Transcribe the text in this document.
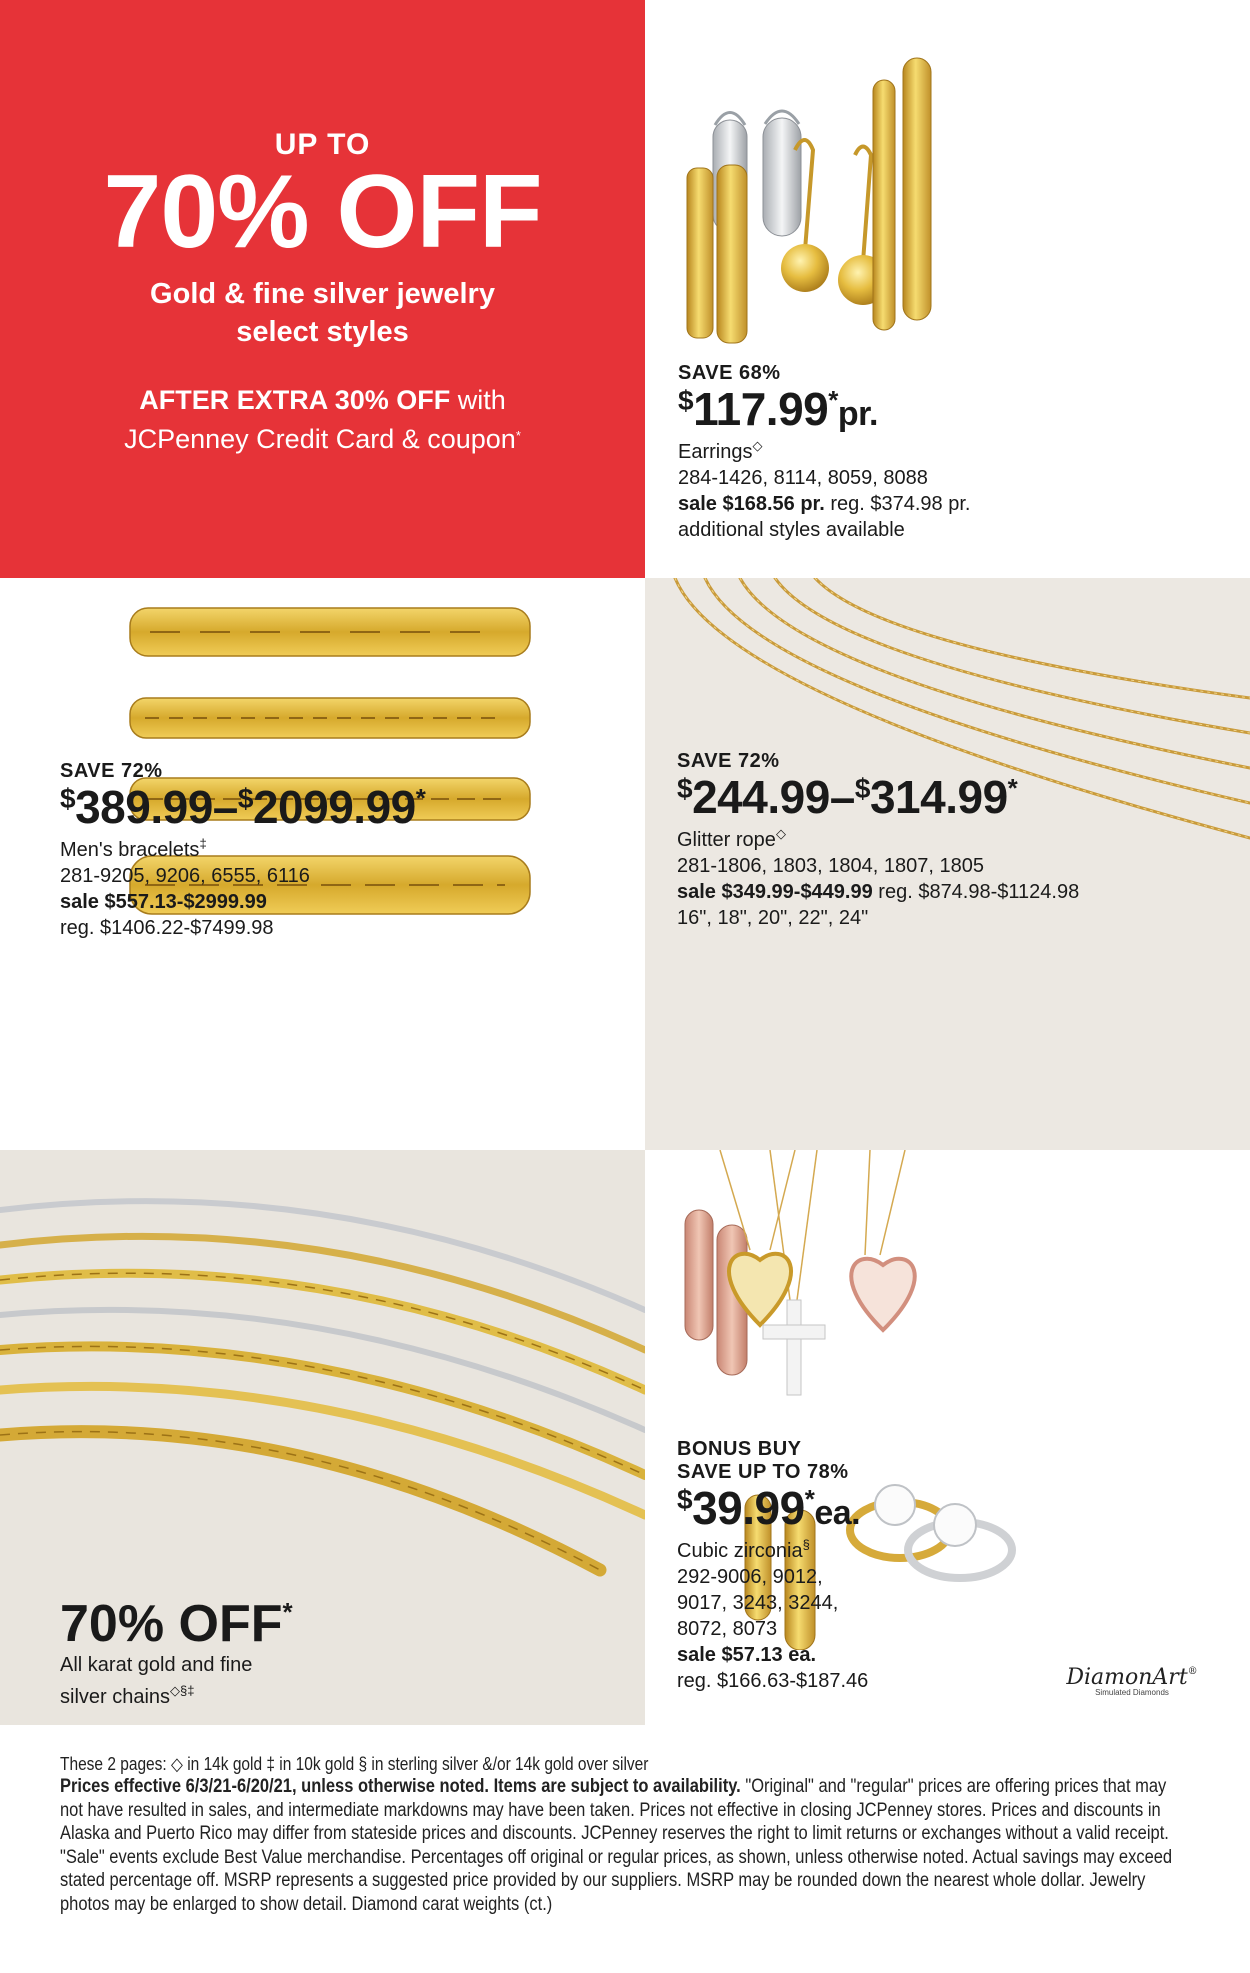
UP TO
70% OFF
Gold & fine silver jewelry
select styles
AFTER EXTRA 30% OFF with
JCPenney Credit Card & coupon*
SAVE 68%
$117.99*pr.
Earrings◇
284-1426, 8114, 8059, 8088
sale $168.56 pr. reg. $374.98 pr.
additional styles available
SAVE 72%
$389.99–$2099.99*
Men's bracelets‡
281-9205, 9206, 6555, 6116
sale $557.13-$2999.99
reg. $1406.22-$7499.98
SAVE 72%
$244.99–$314.99*
Glitter rope◇
281-1806, 1803, 1804, 1807, 1805
sale $349.99-$449.99 reg. $874.98-$1124.98
16", 18", 20", 22", 24"
70% OFF*
All karat gold and fine
silver chains◇§‡
BONUS BUY
SAVE UP TO 78%
$39.99*ea.
Cubic zirconia§
292-9006, 9012,
9017, 3243, 3244,
8072, 8073
sale $57.13 ea.
reg. $166.63-$187.46	DiamonArt®
Simulated Diamonds
These 2 pages: ◇ in 14k gold ‡ in 10k gold § in sterling silver &/or 14k gold over silver
Prices effective 6/3/21-6/20/21, unless otherwise noted. Items are subject to availability. "Original" and "regular" prices are offering prices that may not have resulted in sales, and intermediate markdowns may have been taken. Prices not effective in closing JCPenney stores. Prices and discounts in Alaska and Puerto Rico may differ from stateside prices and discounts. JCPenney reserves the right to limit returns or exchanges without a valid receipt. "Sale" events exclude Best Value merchandise. Percentages off original or regular prices, as shown, unless otherwise noted. Actual savings may exceed stated percentage off. MSRP represents a suggested price provided by our suppliers. MSRP may be rounded down the nearest whole dollar. Jewelry photos may be enlarged to show detail. Diamond carat weights (ct.)
